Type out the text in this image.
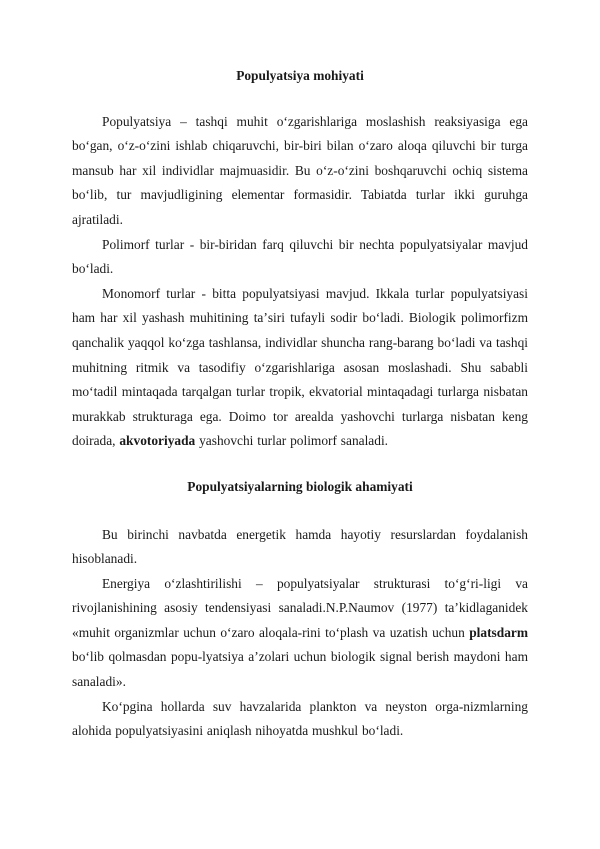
Populyatsiya mohiyati

Populyatsiya – tashqi muhit oʻzgarishlariga moslashish reaksiyasiga ega boʻgan, oʻz-oʻzini ishlab chiqaruvchi, bir-biri bilan oʻzaro aloqa qiluvchi bir turga mansub har xil individlar majmuasidir. Bu oʻz-oʻzini boshqaruvchi ochiq sistema boʻlib, tur mavjudligining elementar formasidir. Tabiatda turlar ikki guruhga ajratiladi.

Polimorf turlar - bir-biridan farq qiluvchi bir nechta populyatsiyalar mavjud boʻladi.

Monomorf turlar - bitta populyatsiyasi mavjud. Ikkala turlar populyatsiyasi ham har xil yashash muhitining taʼsiri tufayli sodir boʻladi. Biologik polimorfizm qanchalik yaqqol koʻzga tashlansa, individlar shuncha rang-barang boʻladi va tashqi muhitning ritmik va tasodifiy oʻzgarishlariga asosan moslashadi. Shu sababli moʻtadil mintaqada tarqalgan turlar tropik, ekvatorial mintaqadagi turlarga nisbatan murakkab strukturaga ega. Doimo tor arealda yashovchi turlarga nisbatan keng doirada, akvotoriyada yashovchi turlar polimorf sanaladi.

Populyatsiyalarning biologik ahamiyati

Bu birinchi navbatda energetik hamda hayotiy resurslardan foydalanish hisoblanadi.

Energiya oʻzlashtirilishi – populyatsiyalar strukturasi toʻgʻri-ligi va rivojlanishining asosiy tendensiyasi sanaladi.N.P.Naumov (1977) taʼkidlaganidek «muhit organizmlar uchun oʻzaro aloqala-rini toʻplash va uzatish uchun platsdarm boʻlib qolmasdan popu-lyatsiya aʼzolari uchun biologik signal berish maydoni ham sanaladi».

Koʻpgina hollarda suv havzalarida plankton va neyston orga-nizmlarning alohida populyatsiyasini aniqlash nihoyatda mushkul boʻladi.
